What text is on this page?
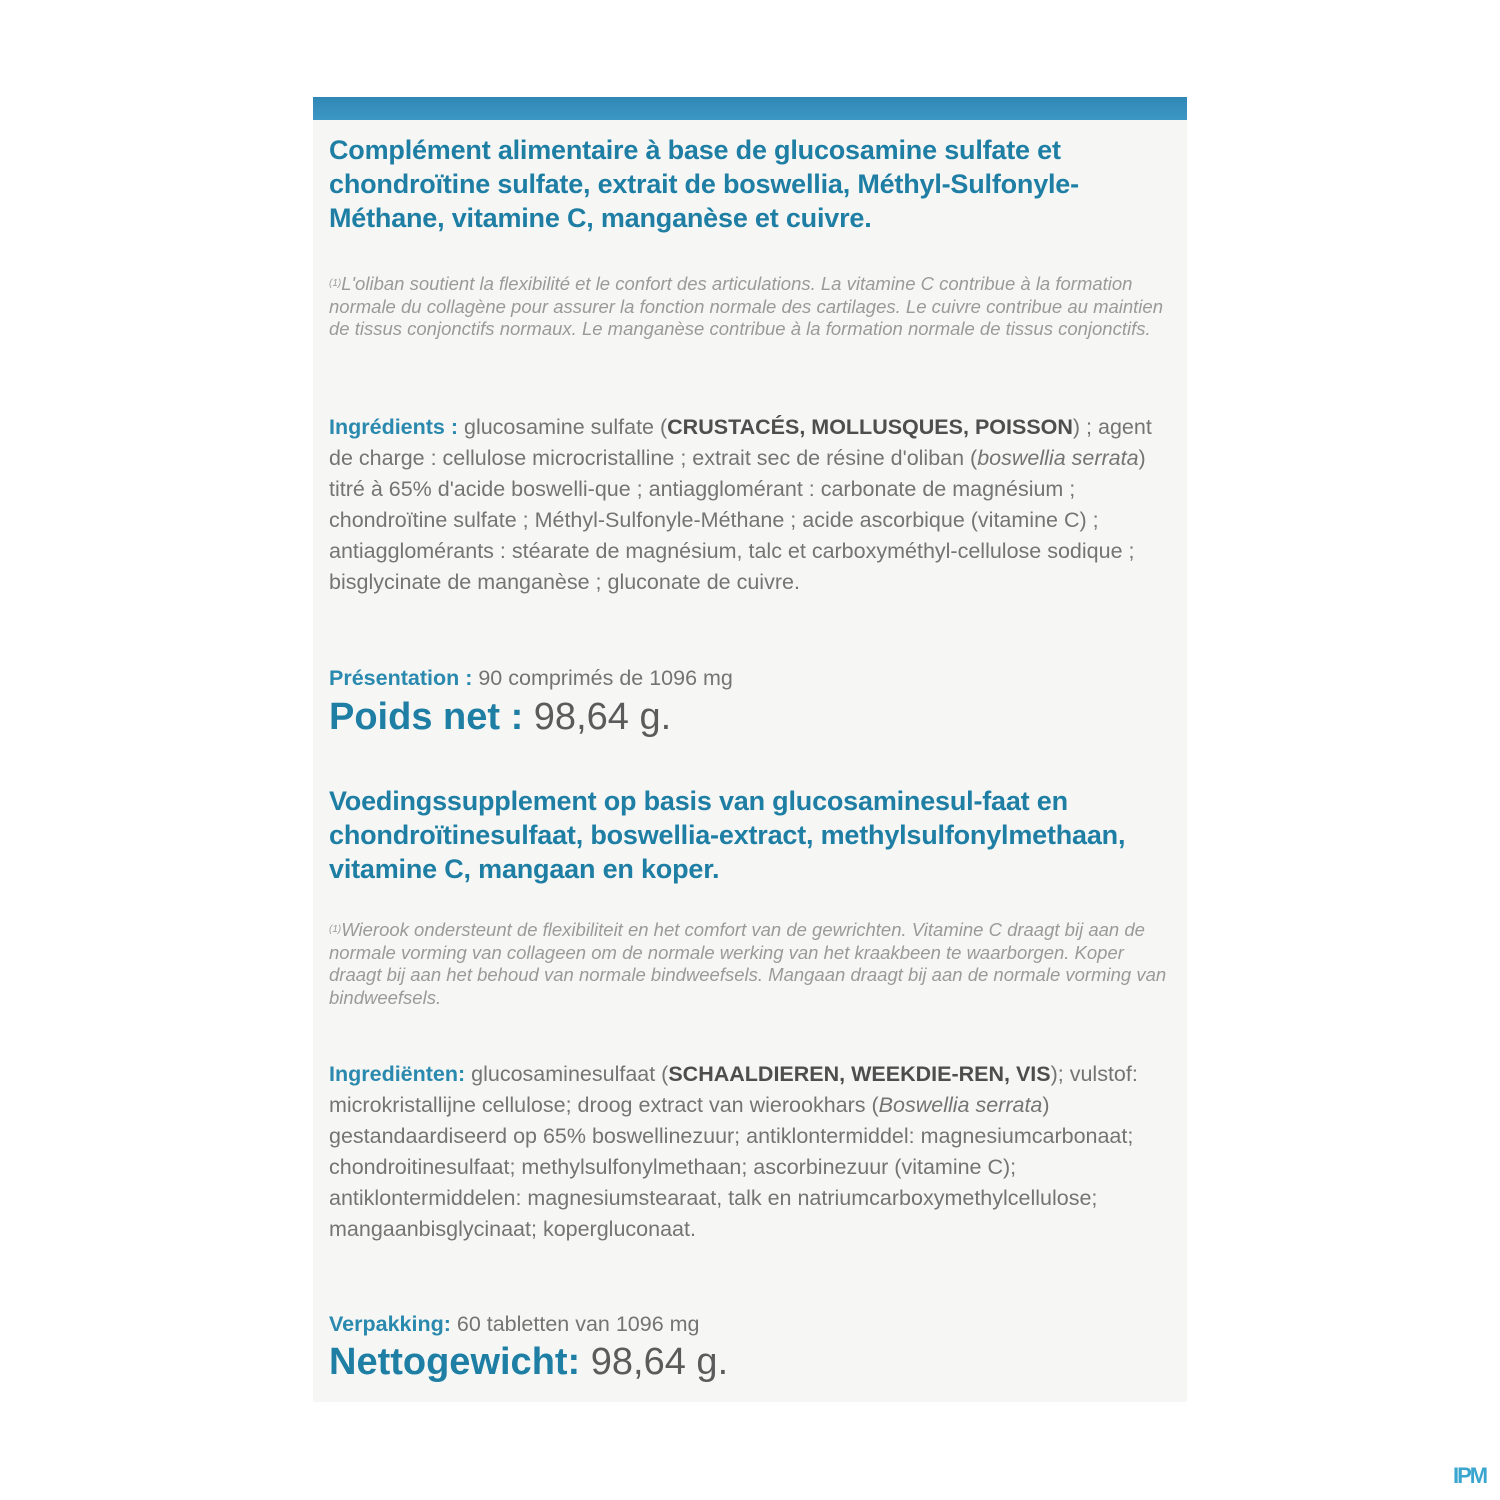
Complément alimentaire à base de glucosamine sulfate et chondroïtine sulfate, extrait de boswellia, Méthyl-Sulfonyle-Méthane, vitamine C, manganèse et cuivre.
$^{(1)}$L'oliban soutient la flexibilité et le confort des articulations. La vitamine C contribue à la formation normale du collagène pour assurer la fonction normale des cartilages. Le cuivre contribue au maintien de tissus conjonctifs normaux. Le manganèse contribue à la formation normale de tissus conjonctifs.
Ingrédients : glucosamine sulfate (CRUSTACÉS, MOLLUSQUES, POISSON) ; agent de charge : cellulose microcristalline ; extrait sec de résine d'oliban (boswellia serrata) titré à 65% d'acide boswelli-que ; antiagglomérant : carbonate de magnésium ; chondroïtine sulfate ; Méthyl-Sulfonyle-Méthane ; acide ascorbique (vitamine C) ; antiagglomérants : stéarate de magnésium, talc et carboxyméthyl-cellulose sodique ; bisglycinate de manganèse ; gluconate de cuivre.
Présentation : 90 comprimés de 1096 mg
Poids net : 98,64 g.
Voedingssupplement op basis van glucosaminesul-faat en chondroïtinesulfaat, boswellia-extract, methylsulfonylmethaan, vitamine C, mangaan en koper.
$^{(1)}$Wierook ondersteunt de flexibiliteit en het comfort van de gewrichten. Vitamine C draagt bij aan de normale vorming van collageen om de normale werking van het kraakbeen te waarborgen. Koper draagt bij aan het behoud van normale bindweefsels. Mangaan draagt bij aan de normale vorming van bindweefsels.
Ingrediënten: glucosaminesulfaat (SCHAALDIEREN, WEEKDIE-REN, VIS); vulstof: microkristallijne cellulose; droog extract van wierookhars (Boswellia serrata) gestandaardiseerd op 65% boswellinezuur; antiklontermiddel: magnesiumcarbonaat; chondroitinesulfaat; methylsulfonylmethaan; ascorbinezuur (vitamine C); antiklontermiddelen: magnesiumstearaat, talk en natriumcarboxymethylcellulose; mangaanbisglycinaat; kopergluconaat.
Verpakking: 60 tabletten van 1096 mg
Nettogewicht: 98,64 g.
IPM
